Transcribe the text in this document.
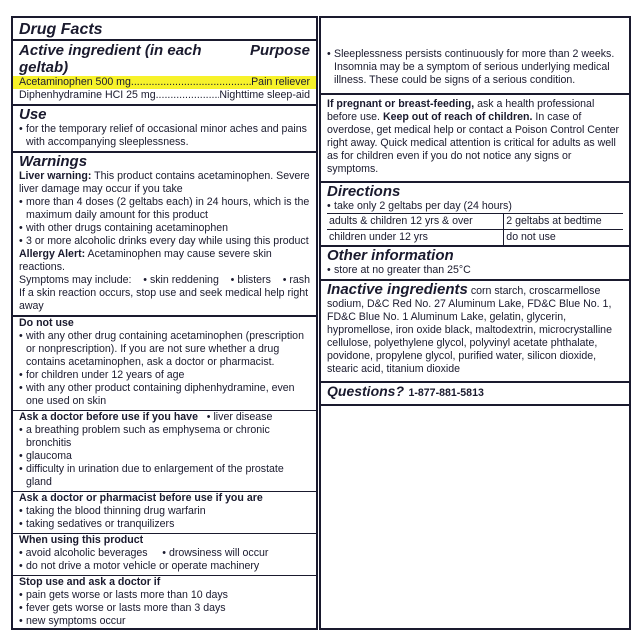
Drug Facts
Active ingredient (in each geltab)
Purpose
Acetaminophen 500 mg .....	Pain reliever
Diphenhydramine HCI 25 mg .....	Nighttime sleep-aid
Use
• for the temporary relief of occasional minor aches and pains with accompanying sleeplessness.
Warnings
Liver warning: This product contains acetaminophen. Severe liver damage may occur if you take
• more than 4 doses (2 geltabs each) in 24 hours, which is the maximum daily amount for this product
• with other drugs containing acetaminophen
• 3 or more alcoholic drinks every day while using this product
Allergy Alert: Acetaminophen may cause severe skin reactions.
Symptoms may include: • skin reddening • blisters • rash
If a skin reaction occurs, stop use and seek medical help right away
Do not use
• with any other drug containing acetaminophen (prescription or nonprescription). If you are not sure whether a drug contains acetaminophen, ask a doctor or pharmacist.
• for children under 12 years of age
• with any other product containing diphenhydramine, even one used on skin
Ask a doctor before use if you have   • liver disease
• a breathing problem such as emphysema or chronic bronchitis
• glaucoma
• difficulty in urination due to enlargement of the prostate gland
Ask a doctor or pharmacist before use if you are
• taking the blood thinning drug warfarin
• taking sedatives or tranquilizers
When using this product
• avoid alcoholic beverages     • drowsiness will occur
• do not drive a motor vehicle or operate machinery
Stop use and ask a doctor if
• pain gets worse or lasts more than 10 days
• fever gets worse or lasts more than 3 days
• new symptoms occur
• Sleeplessness persists continuously for more than 2 weeks. Insomnia may be a symptom of serious underlying medical illness. These could be signs of a serious condition.
If pregnant or breast-feeding, ask a health professional before use. Keep out of reach of children. In case of overdose, get medical help or contact a Poison Control Center right away. Quick medical attention is critical for adults as well as for children even if you do not notice any signs or symptoms.
Directions
• take only 2 geltabs per day (24 hours)
adults & children 12 yrs & over	2 geltabs at bedtime
children under 12 yrs	do not use
Other information
• store at no greater than 25°C
Inactive ingredients corn starch, croscarmellose sodium, D&C Red No. 27 Aluminum Lake, FD&C Blue No. 1, FD&C Blue No. 1 Aluminum Lake, gelatin, glycerin, hypromellose, iron oxide black, maltodextrin, microcrystalline cellulose, polyethylene glycol, polyvinyl acetate phthalate, povidone, propylene glycol, purified water, silicon dioxide, stearic acid, titanium dioxide
Questions? 1-877-881-5813
